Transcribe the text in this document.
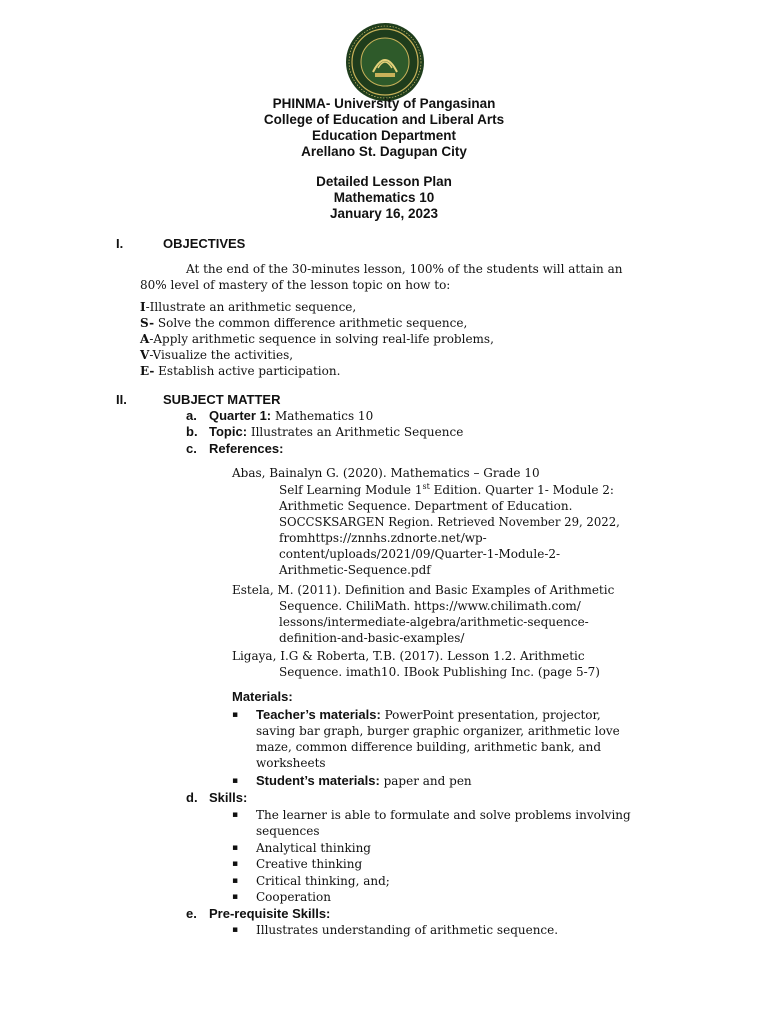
PHINMA- University of Pangasinan
College of Education and Liberal Arts
Education Department
Arellano St. Dagupan City
Detailed Lesson Plan
Mathematics 10
January 16, 2023
I.	OBJECTIVES
At the end of the 30-minutes lesson, 100% of the students will attain an
80% level of mastery of the lesson topic on how to:
I-Illustrate an arithmetic sequence,
S- Solve the common difference arithmetic sequence,
A-Apply arithmetic sequence in solving real-life problems,
V-Visualize the activities,
E- Establish active participation.
II.	SUBJECT MATTER
a. Quarter 1: Mathematics 10
b. Topic: Illustrates an Arithmetic Sequence
c. References:
Abas, Bainalyn G. (2020). Mathematics – Grade 10
Self Learning Module 1st Edition. Quarter 1- Module 2:
Arithmetic Sequence. Department of Education.
SOCCSKSARGEN Region. Retrieved November 29, 2022,
fromhttps://znnhs.zdnorte.net/wp-
content/uploads/2021/09/Quarter-1-Module-2-
Arithmetic-Sequence.pdf
Estela, M. (2011). Definition and Basic Examples of Arithmetic
Sequence. ChiliMath. https://www.chilimath.com/
lessons/intermediate-algebra/arithmetic-sequence-
definition-and-basic-examples/
Ligaya, I.G & Roberta, T.B. (2017). Lesson 1.2. Arithmetic
Sequence. imath10. IBook Publishing Inc. (page 5-7)
Materials:
▪ Teacher’s materials: PowerPoint presentation, projector,
saving bar graph, burger graphic organizer, arithmetic love
maze, common difference building, arithmetic bank, and
worksheets
▪ Student’s materials: paper and pen
d. Skills:
▪ The learner is able to formulate and solve problems involving
sequences
▪ Analytical thinking
▪ Creative thinking
▪ Critical thinking, and;
▪ Cooperation
e. Pre-requisite Skills:
▪ Illustrates understanding of arithmetic sequence.
